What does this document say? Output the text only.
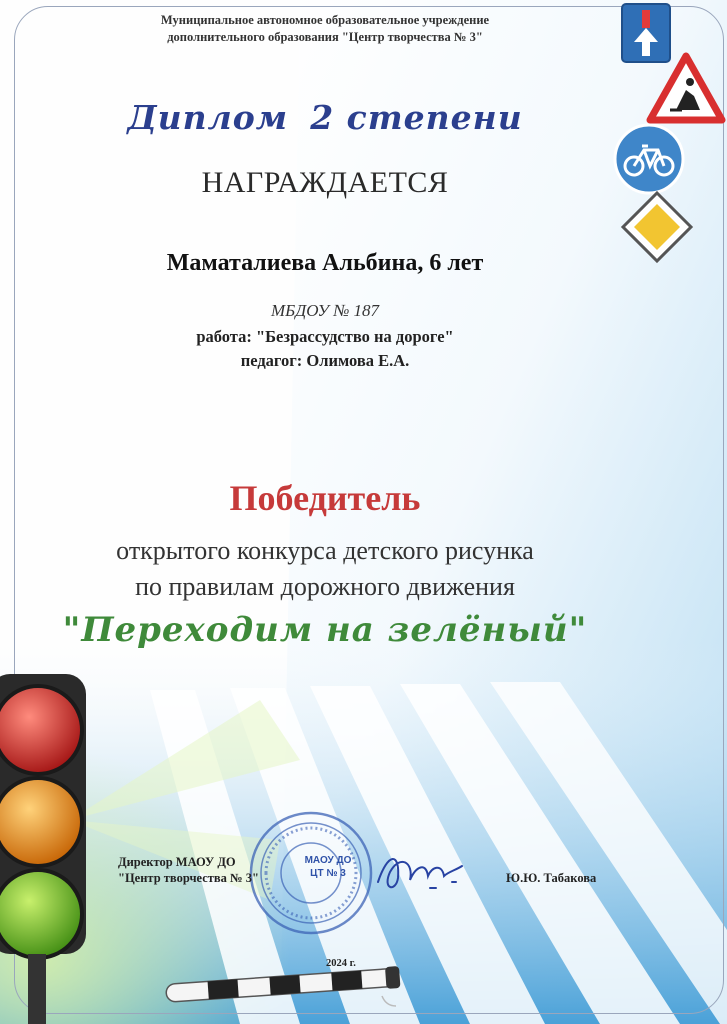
Муниципальное автономное образовательное учреждение
дополнительного образования "Центр творчества № 3"
Диплом 2 степени
НАГРАЖДАЕТСЯ
Маматалиева Альбина, 6 лет
МБДОУ № 187
работа: "Безрассудство на дороге"
педагог: Олимова Е.А.
Победитель
открытого конкурса детского рисунка
по правилам дорожного движения
"Переходим на зелёный"
МАОУ ДО
ЦТ № 3
Директор МАОУ ДО
"Центр творчества № 3"	Ю.Ю. Табакова
2024 г.
